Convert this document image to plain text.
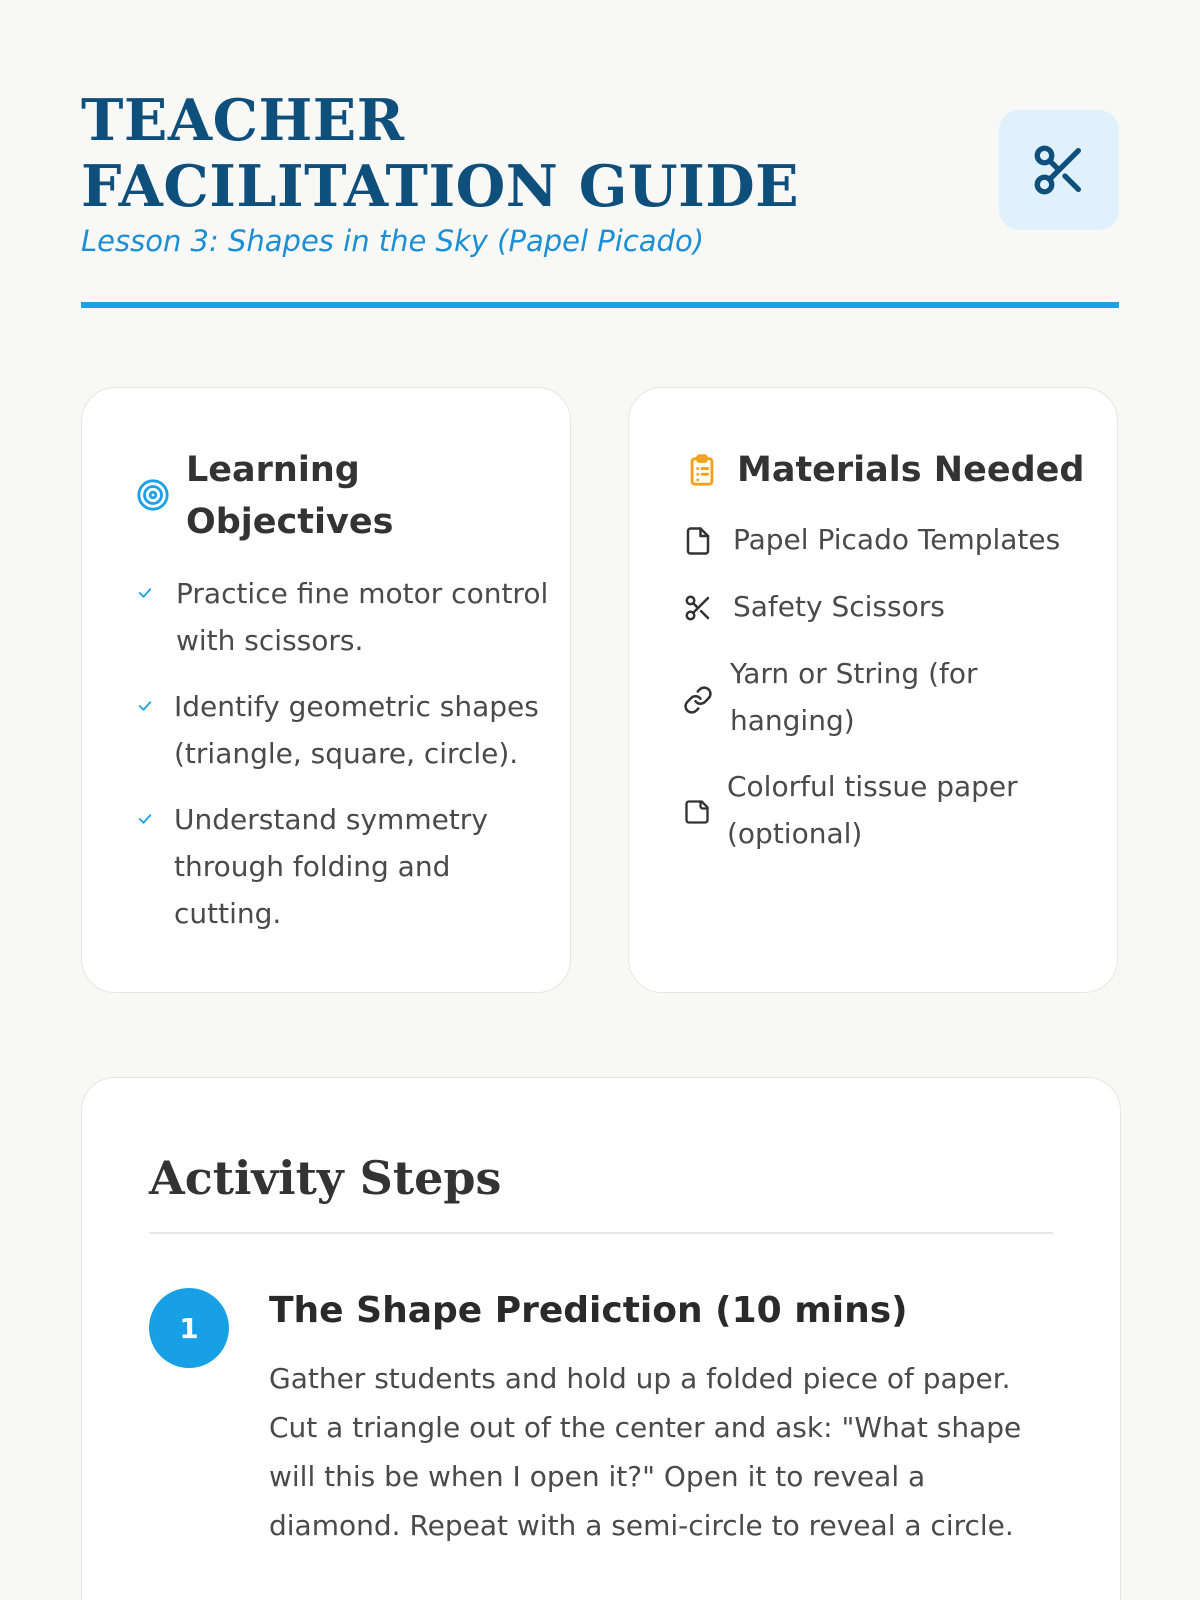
TEACHER FACILITATION GUIDE

Lesson 3: Shapes in the Sky (Papel Picado)

Learning Objectives
Practice fine motor control with scissors.
Identify geometric shapes (triangle, square, circle).
Understand symmetry through folding and cutting.
Materials Needed
Papel Picado Templates
Safety Scissors
Yarn or String (for hanging)
Colorful tissue paper (optional)
Activity Steps
1	The Shape Prediction (10 mins)

Gather students and hold up a folded piece of paper. Cut a triangle out of the center and ask: "What shape will this be when I open it?" Open it to reveal a diamond. Repeat with a semi-circle to reveal a circle.
